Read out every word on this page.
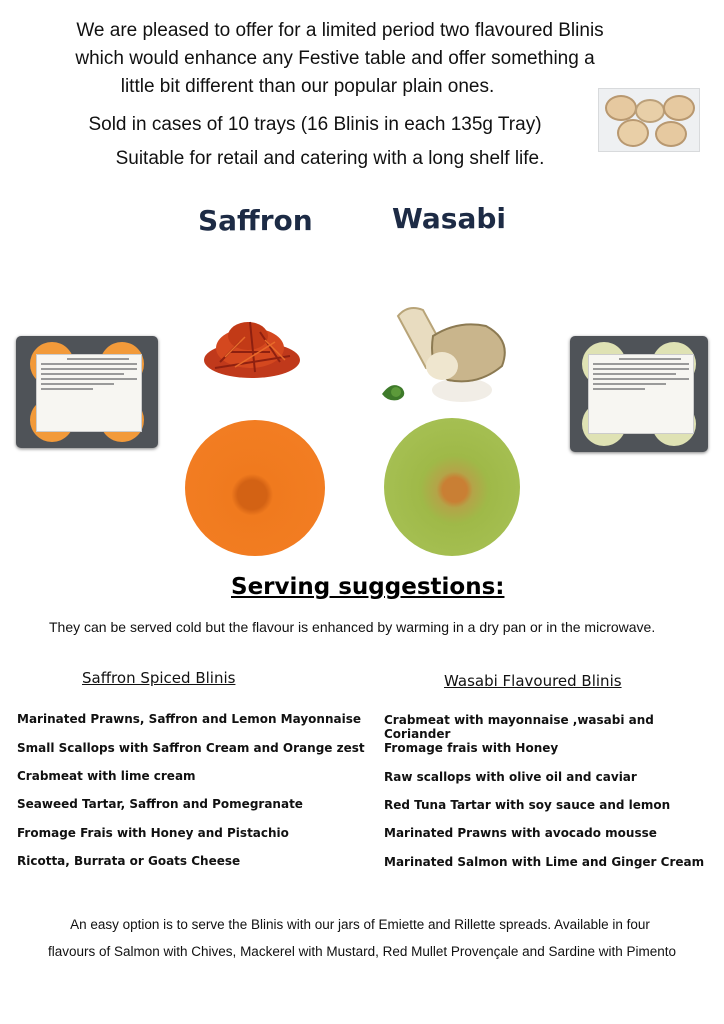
We are pleased to offer for a limited period two flavoured Blinis
which would enhance any Festive table and offer something a
little bit different than our popular plain ones.
Sold in cases of 10 trays (16 Blinis in each 135g Tray)
Suitable for retail and catering with a long shelf life.
Saffron	Wasabi
Serving suggestions:
They can be served cold but the flavour is enhanced by warming in a dry pan or in the microwave.
Saffron Spiced Blinis	Wasabi Flavoured Blinis
Marinated Prawns, Saffron and Lemon Mayonnaise
Small Scallops with Saffron Cream and Orange zest
Crabmeat with lime cream
Seaweed Tartar, Saffron and Pomegranate
Fromage Frais with Honey and Pistachio
Ricotta, Burrata or Goats Cheese
Crabmeat with mayonnaise ,wasabi and Coriander
Fromage frais with Honey
Raw scallops with olive oil and caviar
Red Tuna Tartar with soy sauce and lemon
Marinated Prawns with avocado mousse
Marinated Salmon with Lime and Ginger Cream
An easy option is to serve the Blinis with our jars of Emiette and Rillette spreads. Available in four
flavours of Salmon with Chives, Mackerel with Mustard, Red Mullet Provençale and Sardine with Pimento
